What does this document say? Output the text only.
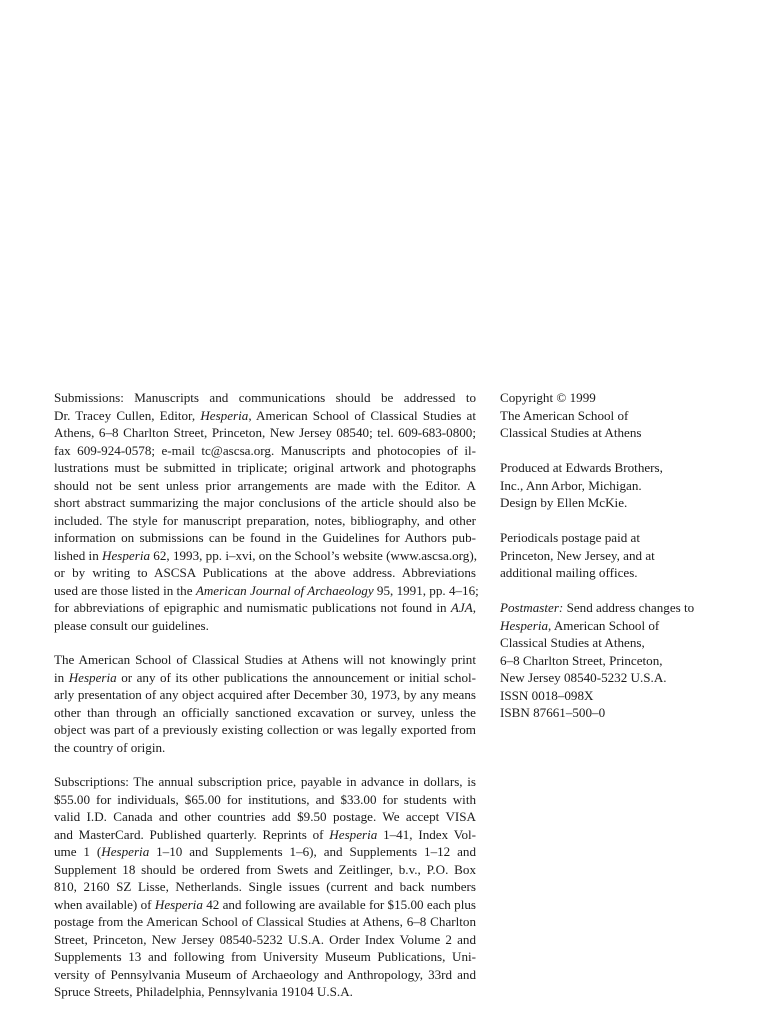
Submissions: Manuscripts and communications should be addressed to
Dr. Tracey Cullen, Editor, Hesperia, American School of Classical Studies at
Athens, 6–8 Charlton Street, Princeton, New Jersey 08540; tel. 609-683-0800;
fax 609-924-0578; e-mail tc@ascsa.org. Manuscripts and photocopies of il-
lustrations must be submitted in triplicate; original artwork and photographs
should not be sent unless prior arrangements are made with the Editor. A
short abstract summarizing the major conclusions of the article should also be
included. The style for manuscript preparation, notes, bibliography, and other
information on submissions can be found in the Guidelines for Authors pub-
lished in Hesperia 62, 1993, pp. i–xvi, on the School’s website (www.ascsa.org),
or by writing to ASCSA Publications at the above address. Abbreviations
used are those listed in the American Journal of Archaeology 95, 1991, pp. 4–16;
for abbreviations of epigraphic and numismatic publications not found in AJA,
please consult our guidelines.
The American School of Classical Studies at Athens will not knowingly print
in Hesperia or any of its other publications the announcement or initial schol-
arly presentation of any object acquired after December 30, 1973, by any means
other than through an officially sanctioned excavation or survey, unless the
object was part of a previously existing collection or was legally exported from
the country of origin.
Subscriptions: The annual subscription price, payable in advance in dollars, is
$55.00 for individuals, $65.00 for institutions, and $33.00 for students with
valid I.D. Canada and other countries add $9.50 postage. We accept VISA
and MasterCard. Published quarterly. Reprints of Hesperia 1–41, Index Vol-
ume 1 (Hesperia 1–10 and Supplements 1–6), and Supplements 1–12 and
Supplement 18 should be ordered from Swets and Zeitlinger, b.v., P.O. Box
810, 2160 SZ Lisse, Netherlands. Single issues (current and back numbers
when available) of Hesperia 42 and following are available for $15.00 each plus
postage from the American School of Classical Studies at Athens, 6–8 Charlton
Street, Princeton, New Jersey 08540-5232 U.S.A. Order Index Volume 2 and
Supplements 13 and following from University Museum Publications, Uni-
versity of Pennsylvania Museum of Archaeology and Anthropology, 33rd and
Spruce Streets, Philadelphia, Pennsylvania 19104 U.S.A.
Copyright © 1999
The American School of
Classical Studies at Athens
Produced at Edwards Brothers,
Inc., Ann Arbor, Michigan.
Design by Ellen McKie.
Periodicals postage paid at
Princeton, New Jersey, and at
additional mailing offices.
Postmaster: Send address changes to
Hesperia, American School of
Classical Studies at Athens,
6–8 Charlton Street, Princeton,
New Jersey 08540-5232 U.S.A.
ISSN 0018–098X
ISBN 87661–500–0
